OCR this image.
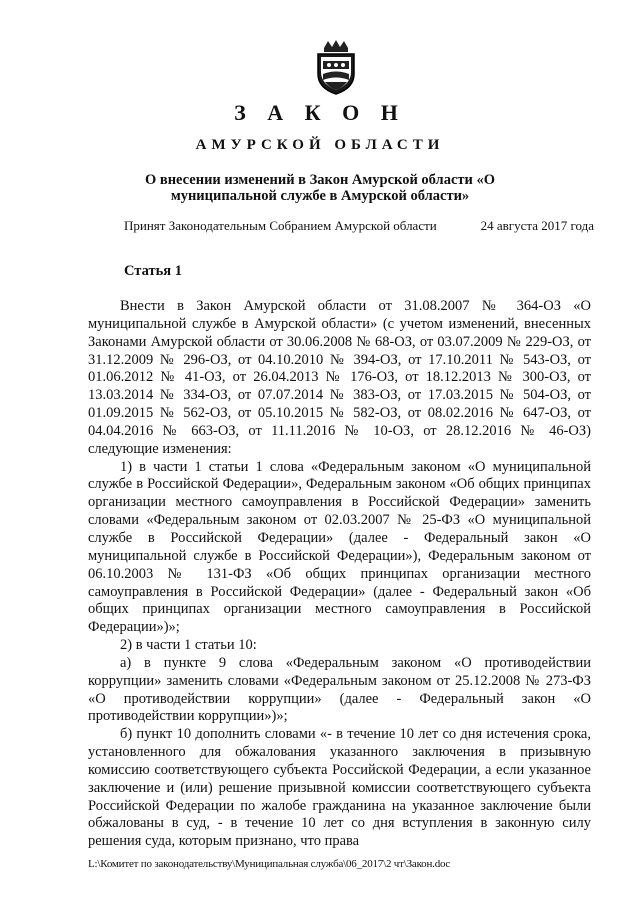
З А К О Н
АМУРСКОЙ ОБЛАСТИ
О внесении изменений в Закон Амурской области «О муниципальной службе в Амурской области»
Принят Законодательным Собранием Амурской области	24 августа 2017 года
Статья 1

Внести в Закон Амурской области от 31.08.2007 № 364-ОЗ «О муниципальной службе в Амурской области» (с учетом изменений, внесенных Законами Амурской области от 30.06.2008 № 68-ОЗ, от 03.07.2009 № 229-ОЗ, от 31.12.2009 № 296-ОЗ, от 04.10.2010 № 394-ОЗ, от 17.10.2011 № 543-ОЗ, от 01.06.2012 № 41-ОЗ, от 26.04.2013 № 176-ОЗ, от 18.12.2013 № 300-ОЗ, от 13.03.2014 № 334-ОЗ, от 07.07.2014 № 383-ОЗ, от 17.03.2015 № 504-ОЗ, от 01.09.2015 № 562-ОЗ, от 05.10.2015 № 582-ОЗ, от 08.02.2016 № 647-ОЗ, от 04.04.2016 № 663-ОЗ, от 11.11.2016 № 10-ОЗ, от 28.12.2016 № 46-ОЗ) следующие изменения:

1) в части 1 статьи 1 слова «Федеральным законом «О муниципальной службе в Российской Федерации», Федеральным законом «Об общих принципах организации местного самоуправления в Российской Федерации» заменить словами «Федеральным законом от 02.03.2007 № 25-ФЗ «О муниципальной службе в Российской Федерации» (далее - Федеральный закон «О муниципальной службе в Российской Федерации»), Федеральным законом от 06.10.2003 № 131-ФЗ «Об общих принципах организации местного самоуправления в Российской Федерации» (далее - Федеральный закон «Об общих принципах организации местного самоуправления в Российской Федерации»)»;

2) в части 1 статьи 10:

а) в пункте 9 слова «Федеральным законом «О противодействии коррупции» заменить словами «Федеральным законом от 25.12.2008 № 273-ФЗ «О противодействии коррупции» (далее - Федеральный закон «О противодействии коррупции»)»;

б) пункт 10 дополнить словами «- в течение 10 лет со дня истечения срока, установленного для обжалования указанного заключения в призывную комиссию соответствующего субъекта Российской Федерации, а если указанное заключение и (или) решение призывной комиссии соответствующего субъекта Российской Федерации по жалобе гражданина на указанное заключение были обжалованы в суд, - в течение 10 лет со дня вступления в законную силу решения суда, которым признано, что права

L:\Комитет по законодательству\Муниципальная служба\06_2017\2 чт\Закон.doc
